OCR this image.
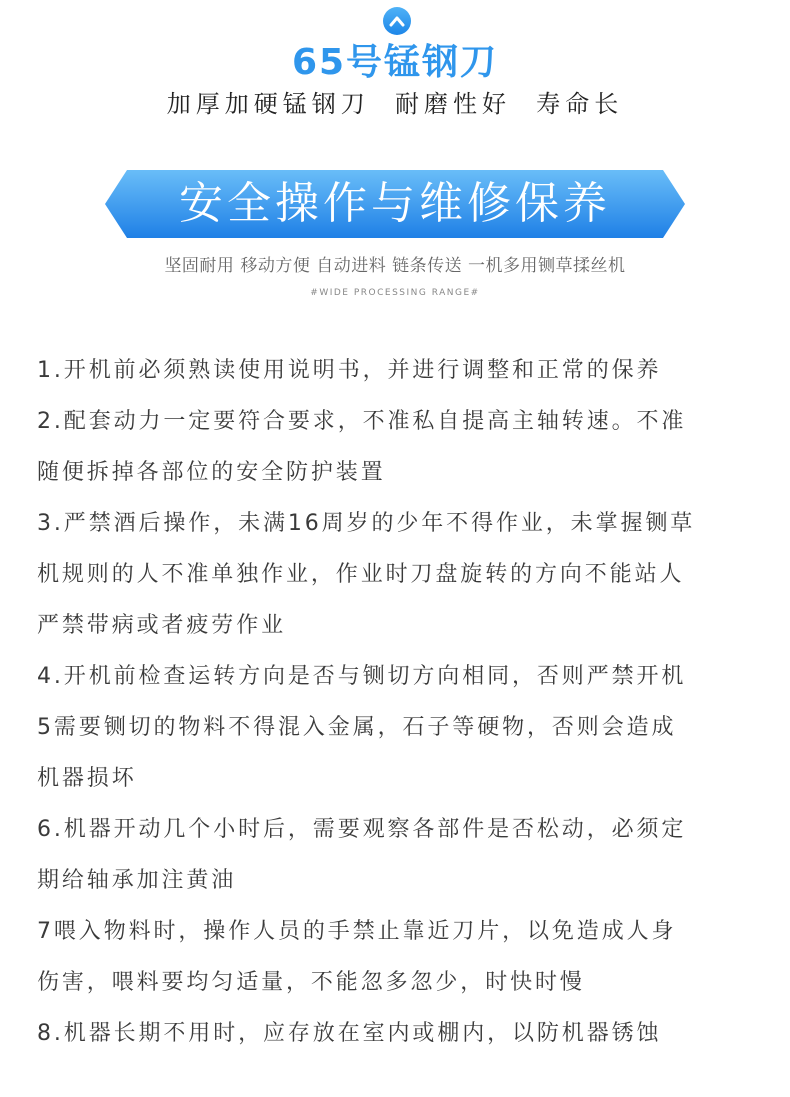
65号锰钢刀
加厚加硬锰钢刀  耐磨性好  寿命长
安全操作与维修保养
坚固耐用 移动方便 自动进料 链条传送 一机多用铡草揉丝机
#WIDE PROCESSING RANGE#
1.开机前必须熟读使用说明书，并进行调整和正常的保养
2.配套动力一定要符合要求，不准私自提高主轴转速。不准
随便拆掉各部位的安全防护装置
3.严禁酒后操作，未满16周岁的少年不得作业，未掌握铡草
机规则的人不准单独作业，作业时刀盘旋转的方向不能站人
严禁带病或者疲劳作业
4.开机前检查运转方向是否与铡切方向相同，否则严禁开机
5需要铡切的物料不得混入金属，石子等硬物，否则会造成
机器损坏
6.机器开动几个小时后，需要观察各部件是否松动，必须定
期给轴承加注黄油
7喂入物料时，操作人员的手禁止靠近刀片，以免造成人身
伤害，喂料要均匀适量，不能忽多忽少，时快时慢
8.机器长期不用时，应存放在室内或棚内，以防机器锈蚀
